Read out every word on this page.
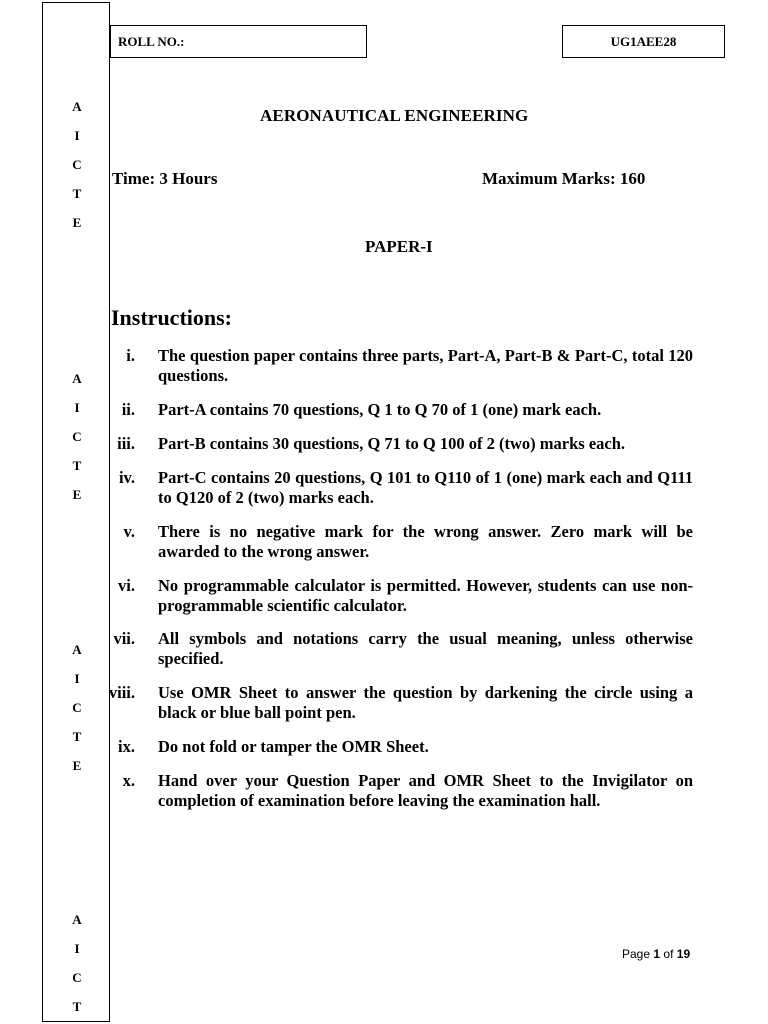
A
I
C
T
E
A
I
C
T
E
A
I
C
T
E
A
I
C
T
ROLL NO.:	UG1AEE28
AERONAUTICAL ENGINEERING
Time: 3 Hours	Maximum Marks: 160
PAPER-I
Instructions:
i. The question paper contains three parts, Part-A, Part-B & Part-C, total 120 questions.
ii. Part-A contains 70 questions, Q 1 to Q 70 of 1 (one) mark each.
iii. Part-B contains 30 questions, Q 71 to Q 100 of 2 (two) marks each.
iv. Part-C contains 20 questions, Q 101 to Q110 of 1 (one) mark each and Q111 to Q120 of 2 (two) marks each.
v. There is no negative mark for the wrong answer. Zero mark will be awarded to the wrong answer.
vi. No programmable calculator is permitted. However, students can use non-programmable scientific calculator.
vii. All symbols and notations carry the usual meaning, unless otherwise specified.
viii. Use OMR Sheet to answer the question by darkening the circle using a black or blue ball point pen.
ix. Do not fold or tamper the OMR Sheet.
x. Hand over your Question Paper and OMR Sheet to the Invigilator on completion of examination before leaving the examination hall.
Page 1 of 19
